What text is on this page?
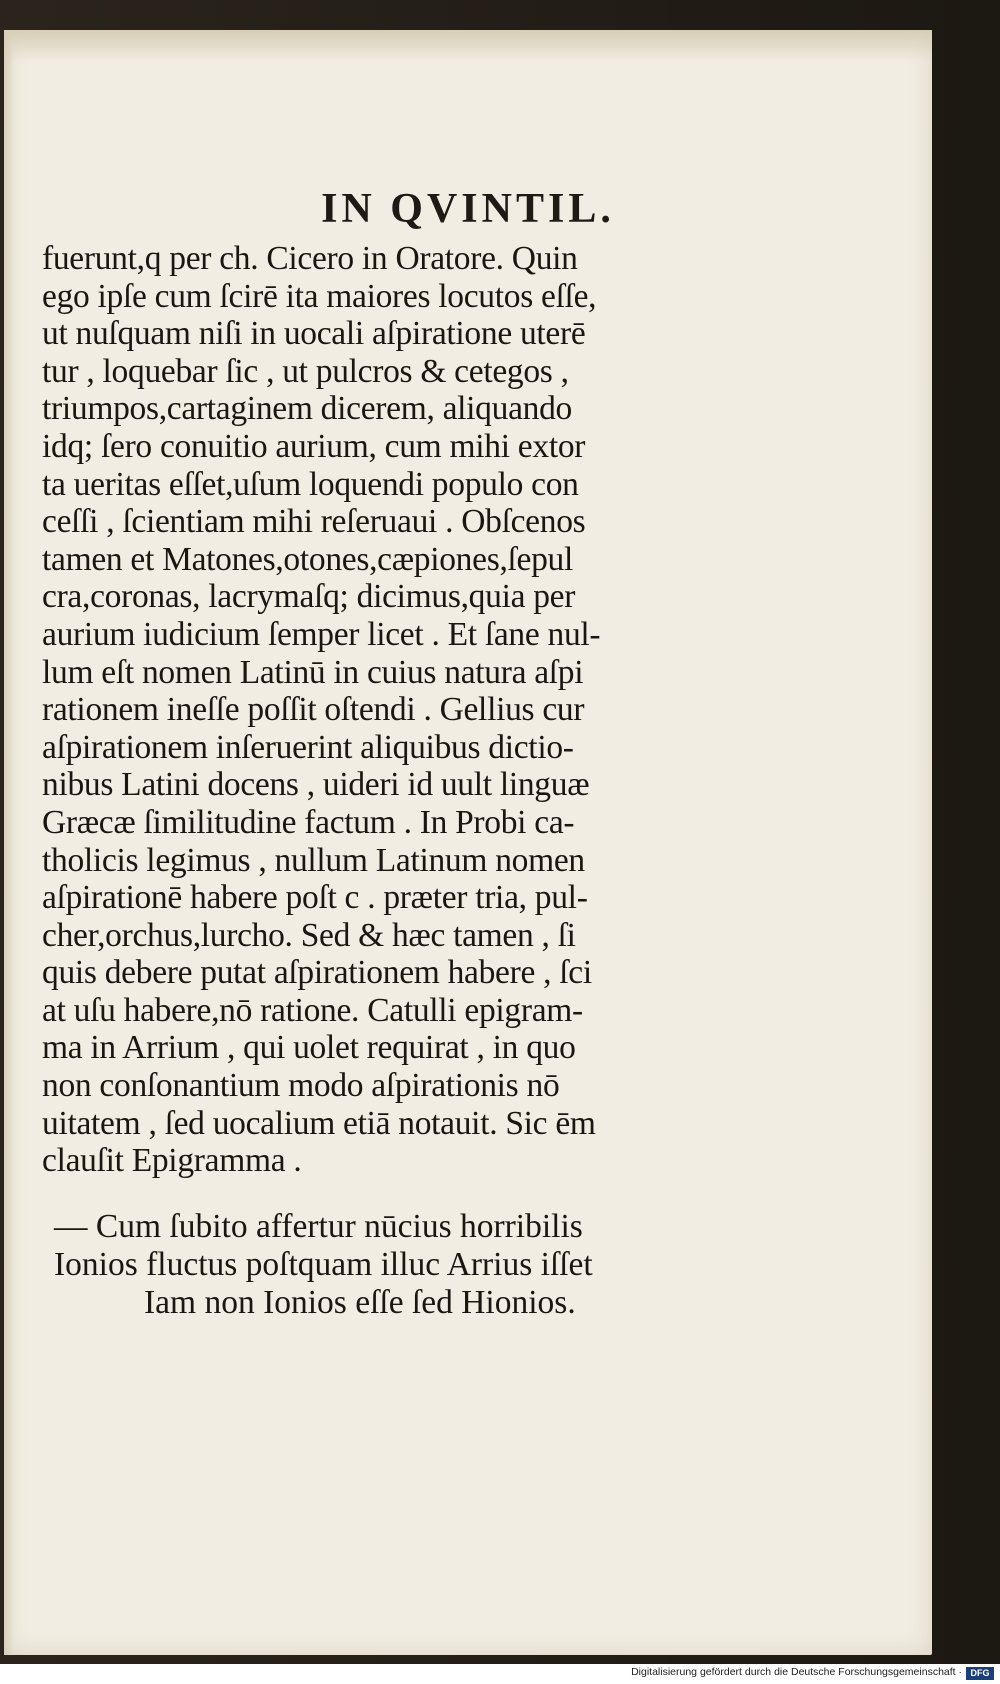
IN QVINTIL.
fuerunt,q per ch. Cicero in Oratore. Quin
ego ipſe cum ſcirē ita maiores locutos eſſe,
ut nuſquam niſi in uocali aſpiratione uterē
tur , loquebar ſic , ut pulcros & cetegos ,
triumpos,cartaginem dicerem, aliquando
idq; ſero conuitio aurium, cum mihi extor
ta ueritas eſſet,uſum loquendi populo con
ceſſi , ſcientiam mihi reſeruaui . Obſcenos
tamen et Matones,otones,cæpiones,ſepul
cra,coronas, lacrymaſq; dicimus,quia per
aurium iudicium ſemper licet . Et ſane nul-
lum eſt nomen Latinū in cuius natura aſpi
rationem ineſſe poſſit oſtendi . Gellius cur
aſpirationem inſeruerint aliquibus dictio-
nibus Latini docens , uideri id uult linguæ
Græcæ ſimilitudine factum . In Probi ca-
tholicis legimus , nullum Latinum nomen
aſpirationē habere poſt c . præter tria, pul-
cher,orchus,lurcho. Sed & hæc tamen , ſi
quis debere putat aſpirationem habere , ſci
at uſu habere,nō ratione. Catulli epigram-
ma in Arrium , qui uolet requirat , in quo
non conſonantium modo aſpirationis nō
uitatem , ſed uocalium etiā notauit. Sic ēm
clauſit Epigramma .
— Cum ſubito affertur nūcius horribilis
Ionios fluctus poſtquam illuc Arrius iſſet
Iam non Ionios eſſe ſed Hionios.
Digitalisierung gefördert durch die Deutsche Forschungsgemeinschaft · DFG
